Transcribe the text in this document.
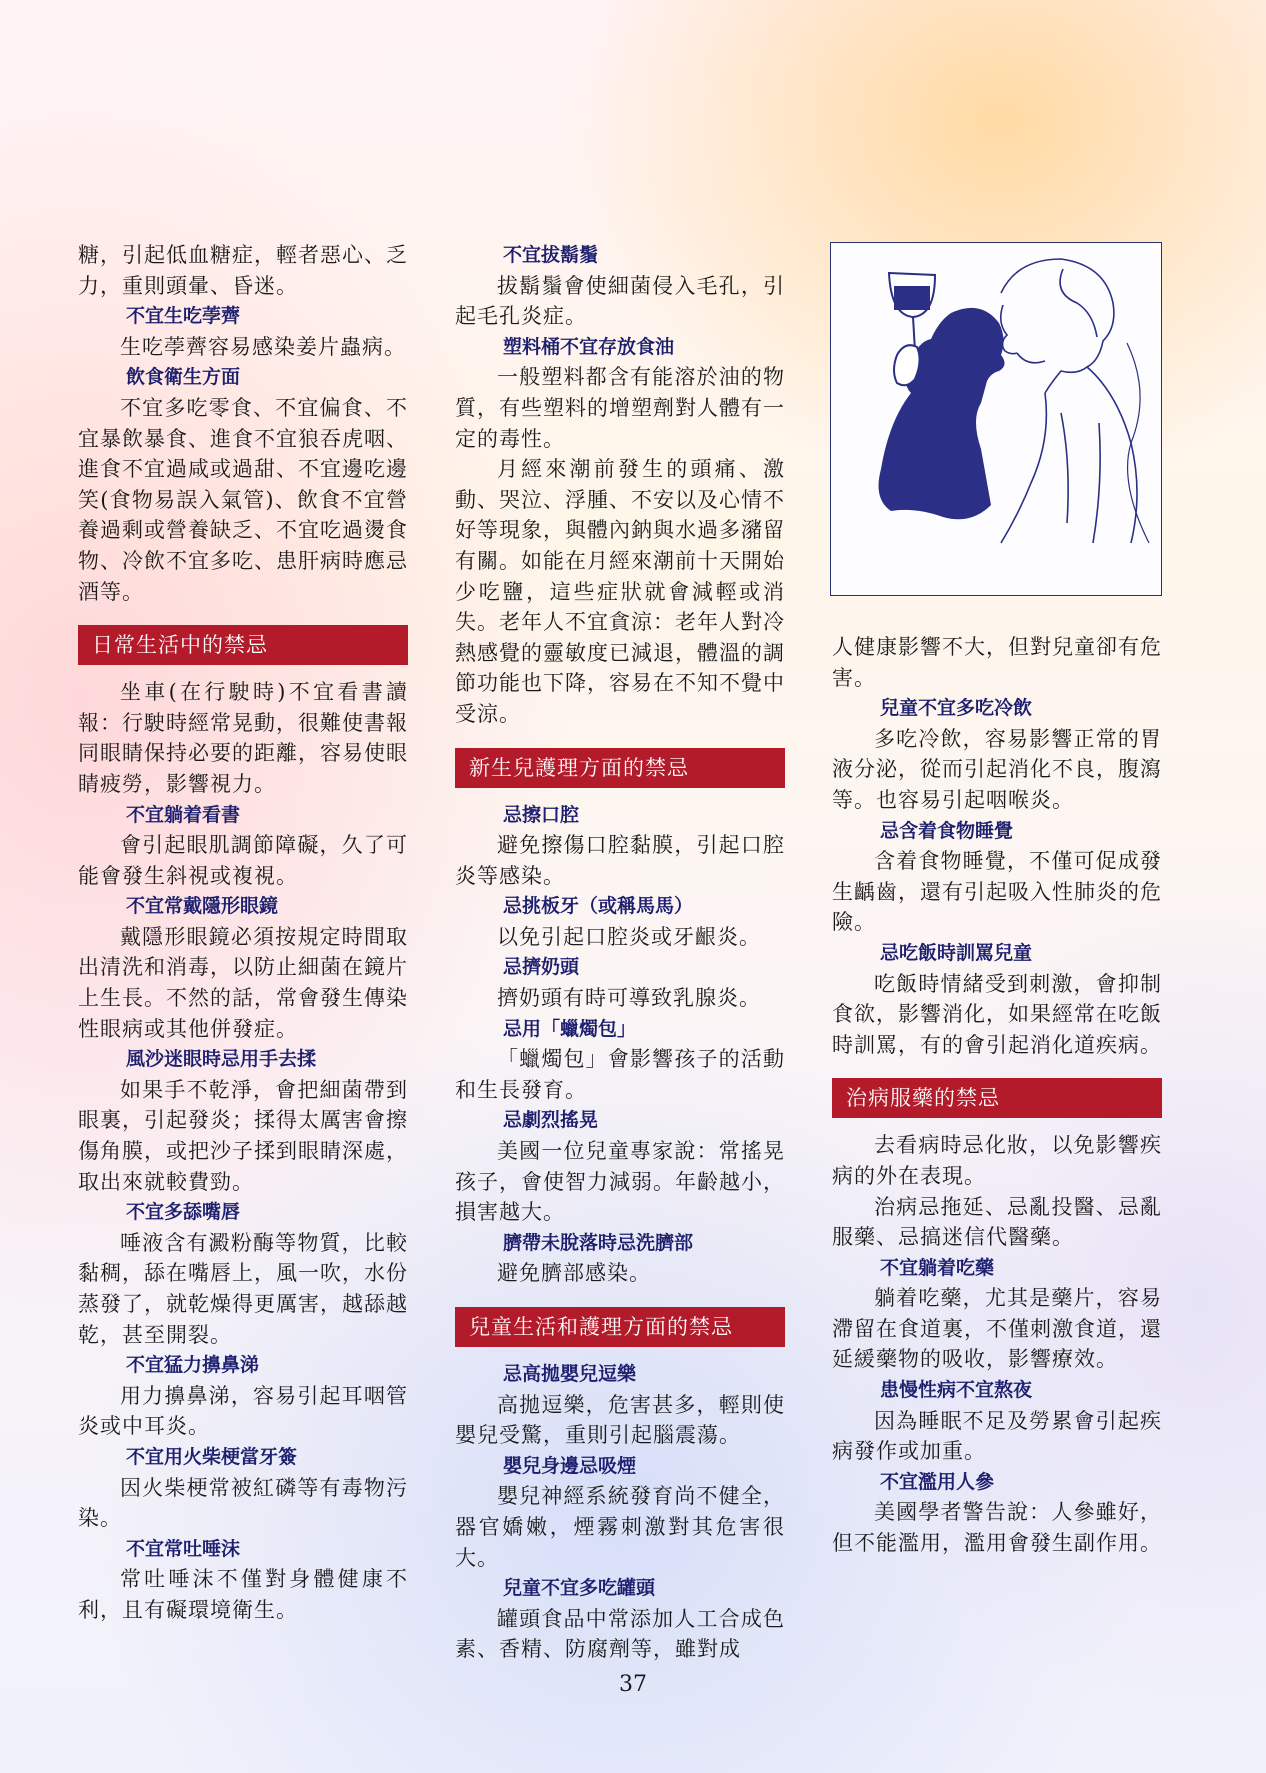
糖，引起低血糖症，輕者惡心、乏力，重則頭暈、昏迷。

不宜生吃荸薺

生吃荸薺容易感染姜片蟲病。

飲食衛生方面

不宜多吃零食、不宜偏食、不宜暴飲暴食、進食不宜狼吞虎咽、進食不宜過咸或過甜、不宜邊吃邊笑(食物易誤入氣管)、飲食不宜營養過剩或營養缺乏、不宜吃過燙食物、冷飲不宜多吃、患肝病時應忌酒等。

日常生活中的禁忌

坐車(在行駛時)不宜看書讀報：行駛時經常晃動，很難使書報同眼睛保持必要的距離，容易使眼睛疲勞，影響視力。

不宜躺着看書

會引起眼肌調節障礙，久了可能會發生斜視或複視。

不宜常戴隱形眼鏡

戴隱形眼鏡必須按規定時間取出清洗和消毒，以防止細菌在鏡片上生長。不然的話，常會發生傳染性眼病或其他併發症。

風沙迷眼時忌用手去揉

如果手不乾淨，會把細菌帶到眼裏，引起發炎；揉得太厲害會擦傷角膜，或把沙子揉到眼睛深處，取出來就較費勁。

不宜多舔嘴唇

唾液含有澱粉酶等物質，比較黏稠，舔在嘴唇上，風一吹，水份蒸發了，就乾燥得更厲害，越舔越乾，甚至開裂。

不宜猛力擤鼻涕

用力擤鼻涕，容易引起耳咽管炎或中耳炎。

不宜用火柴梗當牙簽

因火柴梗常被紅磷等有毒物污染。

不宜常吐唾沫

常吐唾沫不僅對身體健康不利，且有礙環境衛生。

不宜拔鬍鬚

拔鬍鬚會使細菌侵入毛孔，引起毛孔炎症。

塑料桶不宜存放食油

一般塑料都含有能溶於油的物質，有些塑料的增塑劑對人體有一定的毒性。

月經來潮前發生的頭痛、激動、哭泣、浮腫、不安以及心情不好等現象，與體內鈉與水過多瀦留有關。如能在月經來潮前十天開始少吃鹽，這些症狀就會減輕或消失。老年人不宜貪涼：老年人對冷熱感覺的靈敏度已減退，體溫的調節功能也下降，容易在不知不覺中受涼。

新生兒護理方面的禁忌
忌擦口腔

避免擦傷口腔黏膜，引起口腔炎等感染。

忌挑板牙（或稱馬馬）

以免引起口腔炎或牙齦炎。

忌擠奶頭

擠奶頭有時可導致乳腺炎。

忌用「蠟燭包」

「蠟燭包」會影響孩子的活動和生長發育。

忌劇烈搖晃

美國一位兒童專家說：常搖晃孩子，會使智力減弱。年齡越小，損害越大。

臍帶未脫落時忌洗臍部

避免臍部感染。

兒童生活和護理方面的禁忌
忌高拋嬰兒逗樂

高拋逗樂，危害甚多，輕則使嬰兒受驚，重則引起腦震蕩。

嬰兒身邊忌吸煙

嬰兒神經系統發育尚不健全，器官嬌嫩，煙霧刺激對其危害很大。

兒童不宜多吃罐頭

罐頭食品中常添加人工合成色素、香精、防腐劑等，雖對成

人健康影響不大，但對兒童卻有危害。

兒童不宜多吃冷飲

多吃冷飲，容易影響正常的胃液分泌，從而引起消化不良，腹瀉等。也容易引起咽喉炎。

忌含着食物睡覺

含着食物睡覺，不僅可促成發生齲齒，還有引起吸入性肺炎的危險。

忌吃飯時訓罵兒童

吃飯時情緒受到刺激，會抑制食欲，影響消化，如果經常在吃飯時訓罵，有的會引起消化道疾病。

治病服藥的禁忌

去看病時忌化妝，以免影響疾病的外在表現。

治病忌拖延、忌亂投醫、忌亂服藥、忌搞迷信代醫藥。

不宜躺着吃藥

躺着吃藥，尤其是藥片，容易滯留在食道裏，不僅刺激食道，還延緩藥物的吸收，影響療效。

患慢性病不宜熬夜

因為睡眠不足及勞累會引起疾病發作或加重。

不宜濫用人參

美國學者警告說：人參雖好，但不能濫用，濫用會發生副作用。

37
